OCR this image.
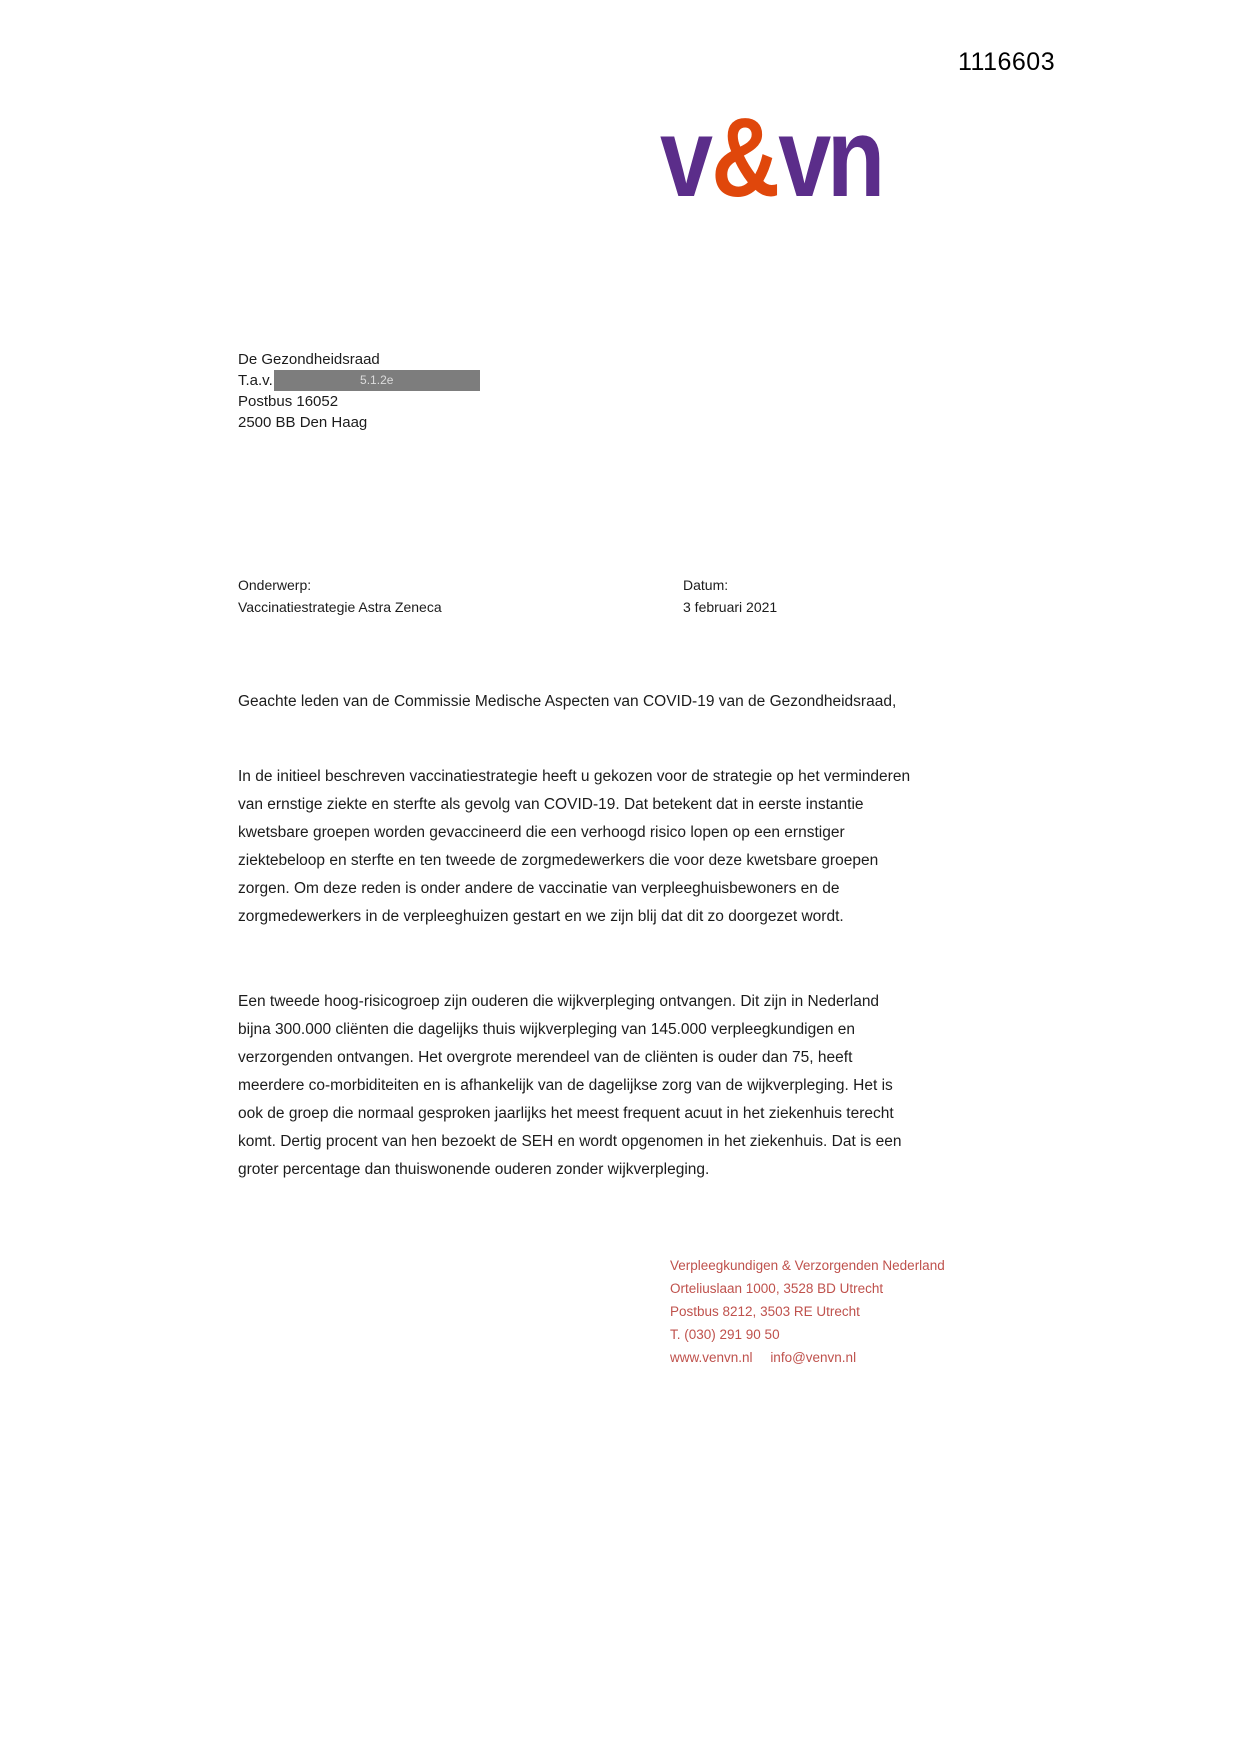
1116603
v&vn
De Gezondheidsraad
T.a.v.	5.1.2e
Postbus 16052
2500 BB Den Haag
Onderwerp:
Vaccinatiestrategie Astra Zeneca
Datum:
3 februari 2021

Geachte leden van de Commissie Medische Aspecten van COVID-19 van de Gezondheidsraad,

In de initieel beschreven vaccinatiestrategie heeft u gekozen voor de strategie op het verminderen van ernstige ziekte en sterfte als gevolg van COVID-19. Dat betekent dat in eerste instantie kwetsbare groepen worden gevaccineerd die een verhoogd risico lopen op een ernstiger ziektebeloop en sterfte en ten tweede de zorgmedewerkers die voor deze kwetsbare groepen zorgen. Om deze reden is onder andere de vaccinatie van verpleeghuisbewoners en de zorgmedewerkers in de verpleeghuizen gestart en we zijn blij dat dit zo doorgezet wordt.

Een tweede hoog-risicogroep zijn ouderen die wijkverpleging ontvangen. Dit zijn in Nederland bijna 300.000 cliënten die dagelijks thuis wijkverpleging van 145.000 verpleegkundigen en verzorgenden ontvangen. Het overgrote merendeel van de cliënten is ouder dan 75, heeft meerdere co-morbiditeiten en is afhankelijk van de dagelijkse zorg van de wijkverpleging. Het is ook de groep die normaal gesproken jaarlijks het meest frequent acuut in het ziekenhuis terecht komt. Dertig procent van hen bezoekt de SEH en wordt opgenomen in het ziekenhuis. Dat is een groter percentage dan thuiswonende ouderen zonder wijkverpleging.

Verpleegkundigen & Verzorgenden Nederland
Orteliuslaan 1000, 3528 BD Utrecht
Postbus 8212, 3503 RE Utrecht
T. (030) 291 90 50
www.venvn.nl info@venvn.nl
